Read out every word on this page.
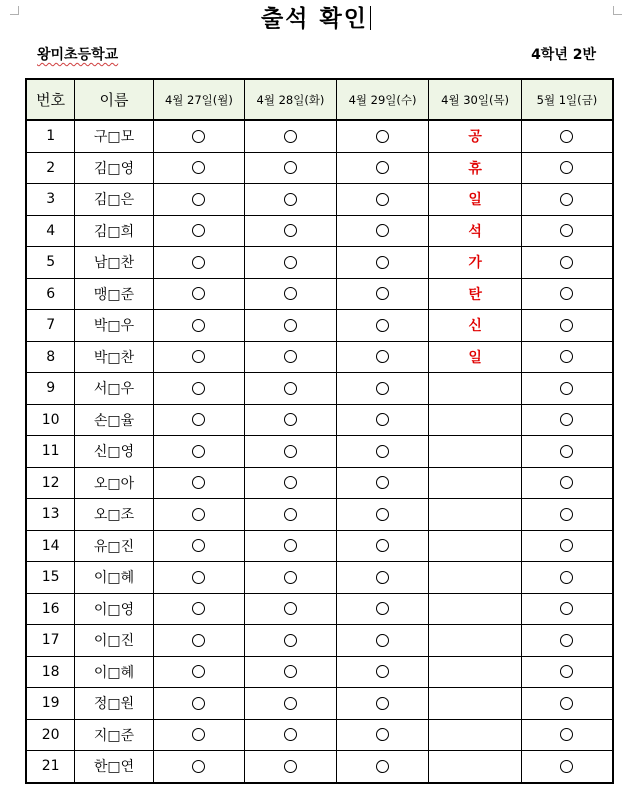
출석 확인
왕미초등학교	4학년 2반
번호	이름	4월 27일(월)	4월 28일(화)	4월 29일(수)	4월 30일(목)	5월 1일(금)
1	구□모				공	
2	김□영				휴	
3	김□은				일	
4	김□희				석	
5	남□찬				가	
6	맹□준				탄	
7	박□우				신	
8	박□찬				일	
9	서□우					
10	손□율					
11	신□영					
12	오□아					
13	오□조					
14	유□진					
15	이□혜					
16	이□영					
17	이□진					
18	이□혜					
19	정□원					
20	지□준					
21	한□연					
